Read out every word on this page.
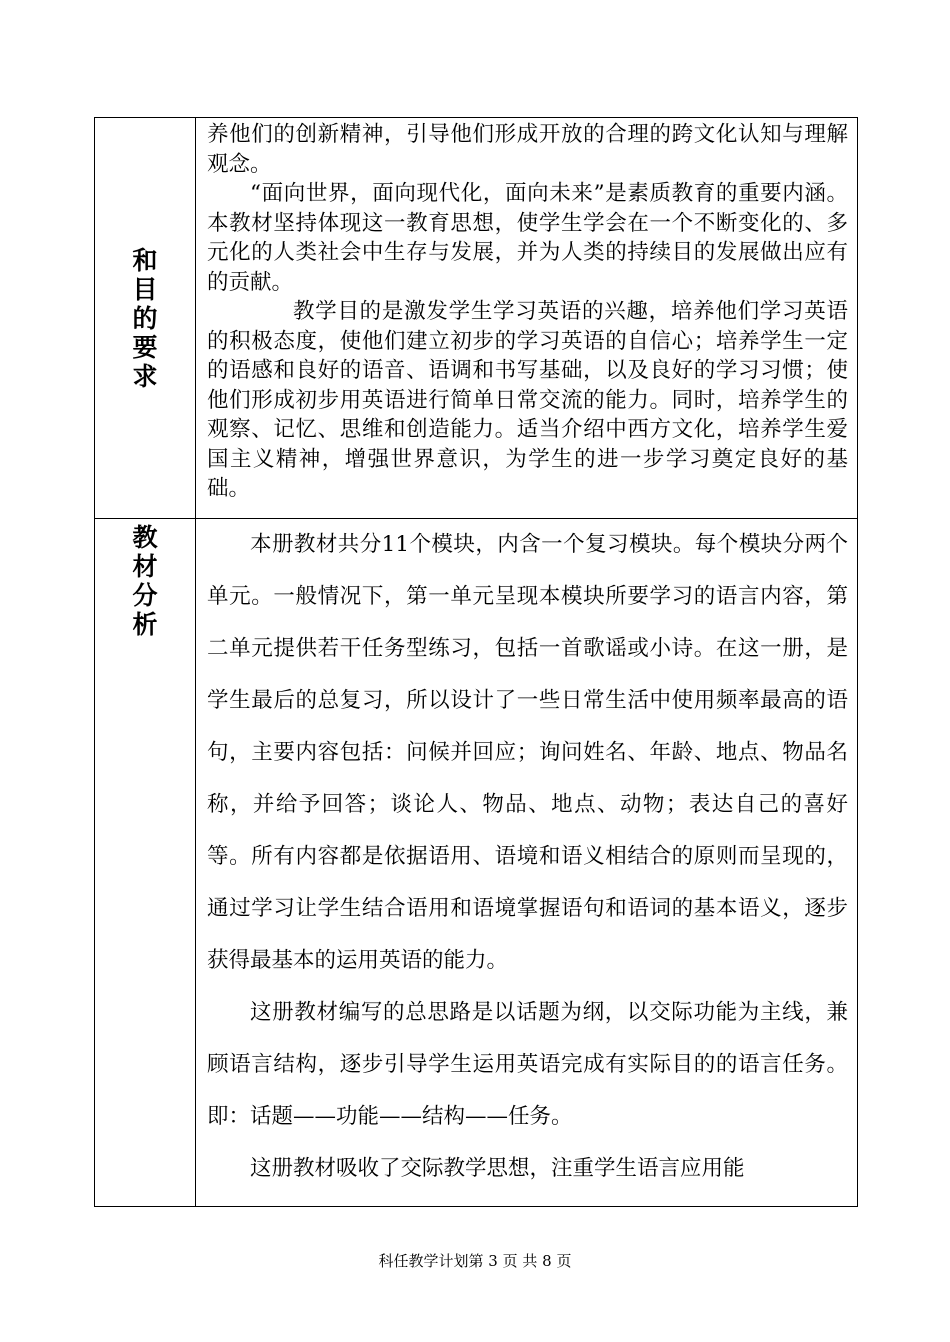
和目的要求	养他们的创新精神，引导他们形成开放的合理的跨文化认知与理解观念。

“面向世界，面向现代化，面向未来”是素质教育的重要内涵。本教材坚持体现这一教育思想，使学生学会在一个不断变化的、多元化的人类社会中生存与发展，并为人类的持续目的发展做出应有的贡献。

教学目的是激发学生学习英语的兴趣，培养他们学习英语的积极态度，使他们建立初步的学习英语的自信心；培养学生一定的语感和良好的语音、语调和书写基础，以及良好的学习习惯；使他们形成初步用英语进行简单日常交流的能力。同时，培养学生的观察、记忆、思维和创造能力。适当介绍中西方文化，培养学生爱国主义精神，增强世界意识，为学生的进一步学习奠定良好的基础。

教材分析	本册教材共分11个模块，内含一个复习模块。每个模块分两个单元。一般情况下，第一单元呈现本模块所要学习的语言内容，第二单元提供若干任务型练习，包括一首歌谣或小诗。在这一册，是学生最后的总复习，所以设计了一些日常生活中使用频率最高的语句，主要内容包括：问候并回应；询问姓名、年龄、地点、物品名称，并给予回答；谈论人、物品、地点、动物；表达自己的喜好等。所有内容都是依据语用、语境和语义相结合的原则而呈现的，通过学习让学生结合语用和语境掌握语句和语词的基本语义，逐步获得最基本的运用英语的能力。

这册教材编写的总思路是以话题为纲，以交际功能为主线，兼顾语言结构，逐步引导学生运用英语完成有实际目的的语言任务。即：话题——功能——结构——任务。

这册教材吸收了交际教学思想，注重学生语言应用能

科任教学计划第 3 页 共 8 页
